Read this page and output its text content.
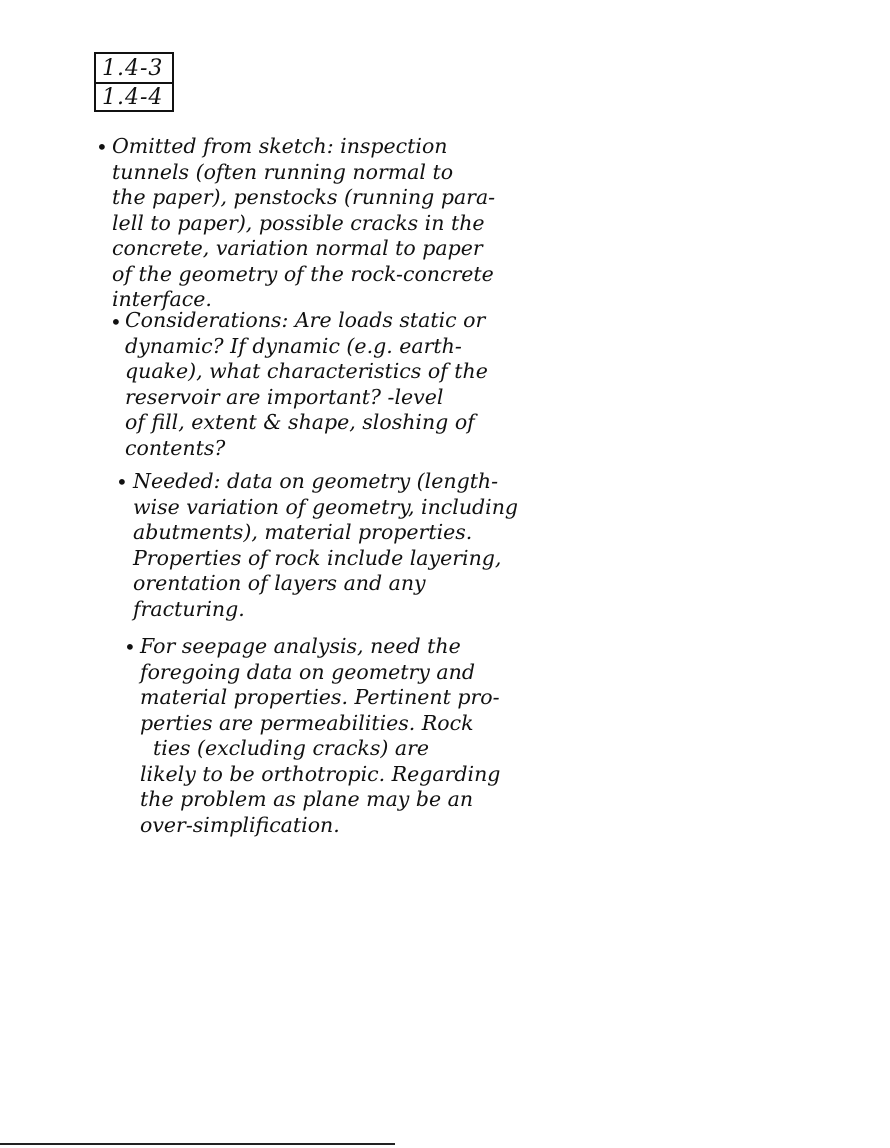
1.4-3
1.4-4
• Omitted from sketch: inspection
tunnels (often running normal to
the paper), penstocks (running para-
lell to paper), possible cracks in the
concrete, variation normal to paper
of the geometry of the rock-concrete
interface.
• Considerations: Are loads static or
dynamic? If dynamic (e.g. earth-
quake), what characteristics of the
reservoir are important? -level
of fill, extent & shape, sloshing of
contents?
• Needed: data on geometry (length-
wise variation of geometry, including
abutments), material properties.
Properties of rock include layering,
orentation of layers and any
fracturing.
• For seepage analysis, need the
foregoing data on geometry and
material properties. Pertinent pro-
perties are permeabilities. Rock
ties (excluding cracks) are
likely to be orthotropic. Regarding
the problem as plane may be an
over-simplification.
